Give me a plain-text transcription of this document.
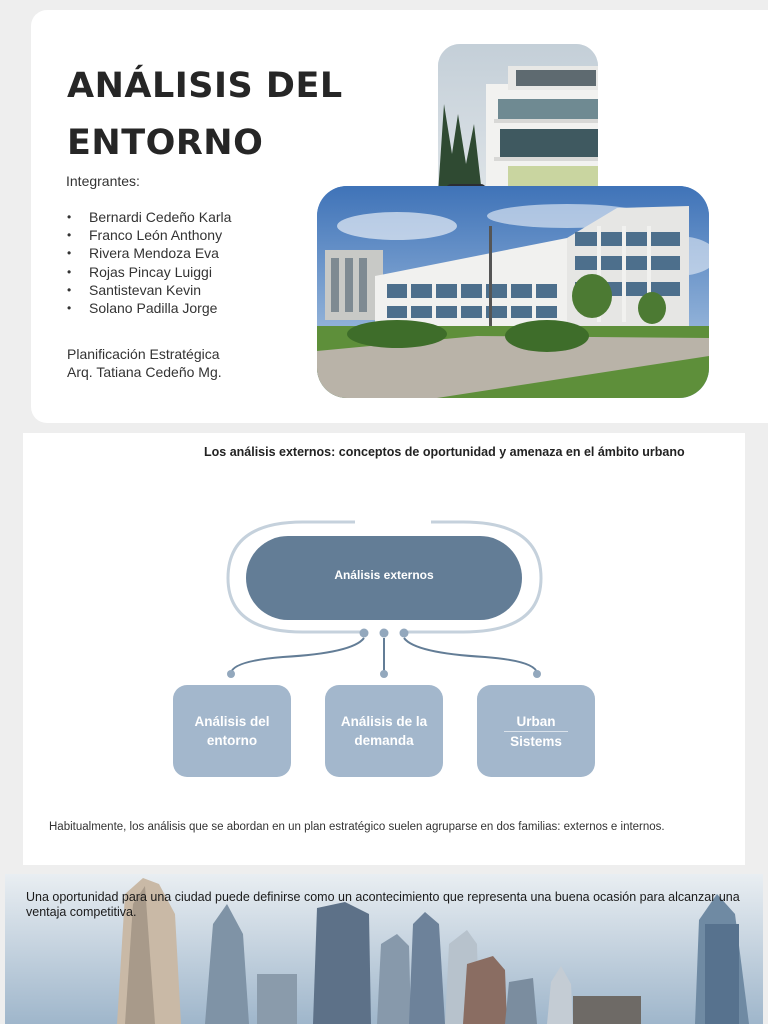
ANÁLISIS DEL
ENTORNO
Integrantes:
• Bernardi Cedeño Karla
• Franco León Anthony
• Rivera Mendoza Eva
• Rojas Pincay Luiggi
• Santistevan Kevin
• Solano Padilla Jorge
Planificación Estratégica
Arq. Tatiana Cedeño Mg.
Los análisis externos: conceptos de oportunidad y amenaza en el ámbito urbano
Análisis externos
Análisis del
entorno
Análisis de la
demanda
Urban
Sistems
Habitualmente, los análisis que se abordan en un plan estratégico suelen agruparse en dos familias: externos e internos.
Una oportunidad para una ciudad puede definirse como un acontecimiento que representa una buena ocasión para alcanzar una ventaja competitiva.
